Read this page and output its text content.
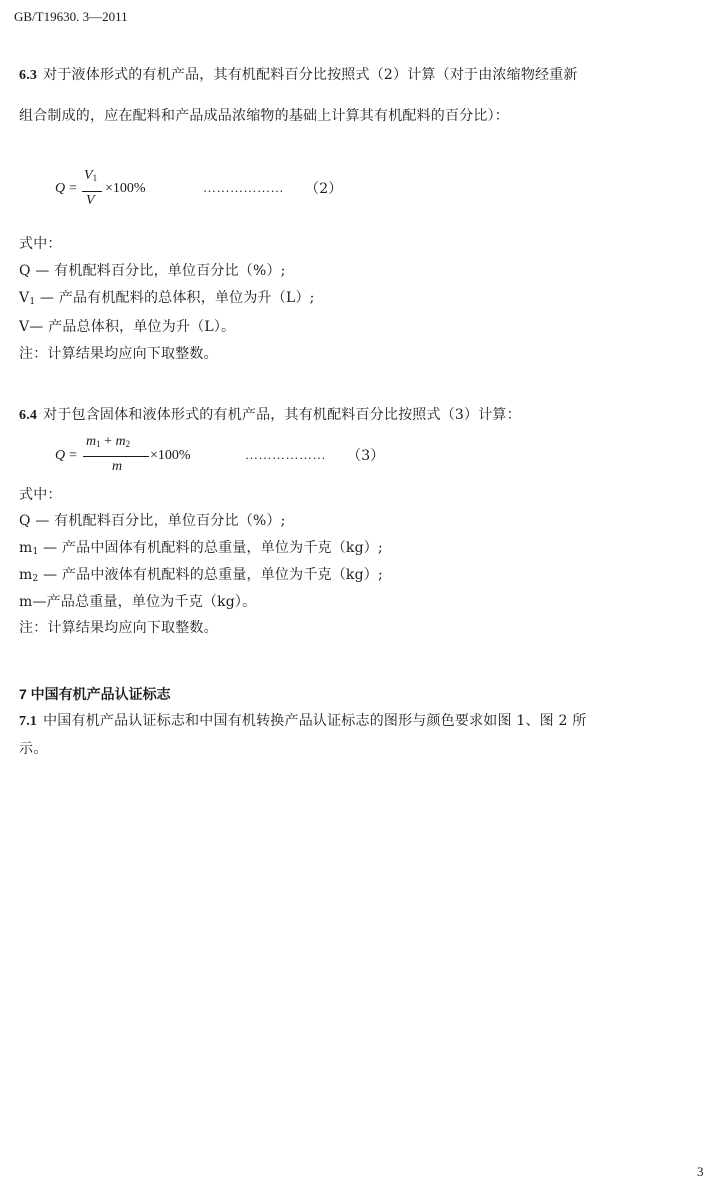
GB/T19630. 3—2011
6.3 对于液体形式的有机产品，其有机配料百分比按照式（2）计算（对于由浓缩物经重新
组合制成的，应在配料和产品成品浓缩物的基础上计算其有机配料的百分比）：
Q =
$V_1$
V
×100%	……………… （2）
式中：
Q — 有机配料百分比，单位百分比（%）;
$V_1$ — 产品有机配料的总体积，单位为升（L）;
V— 产品总体积，单位为升（L）。
注：计算结果均应向下取整数。
6.4 对于包含固体和液体形式的有机产品，其有机配料百分比按照式（3）计算：
Q =
$m_1 + m_2$
m
×100%	……………… （3）
式中：
Q — 有机配料百分比，单位百分比（%）;
$m_1$ — 产品中固体有机配料的总重量，单位为千克（kg）;
$m_2$ — 产品中液体有机配料的总重量，单位为千克（kg）;
m—产品总重量，单位为千克（kg）。
注：计算结果均应向下取整数。
7 中国有机产品认证标志
7.1 中国有机产品认证标志和中国有机转换产品认证标志的图形与颜色要求如图 1、图 2 所
示。
3
